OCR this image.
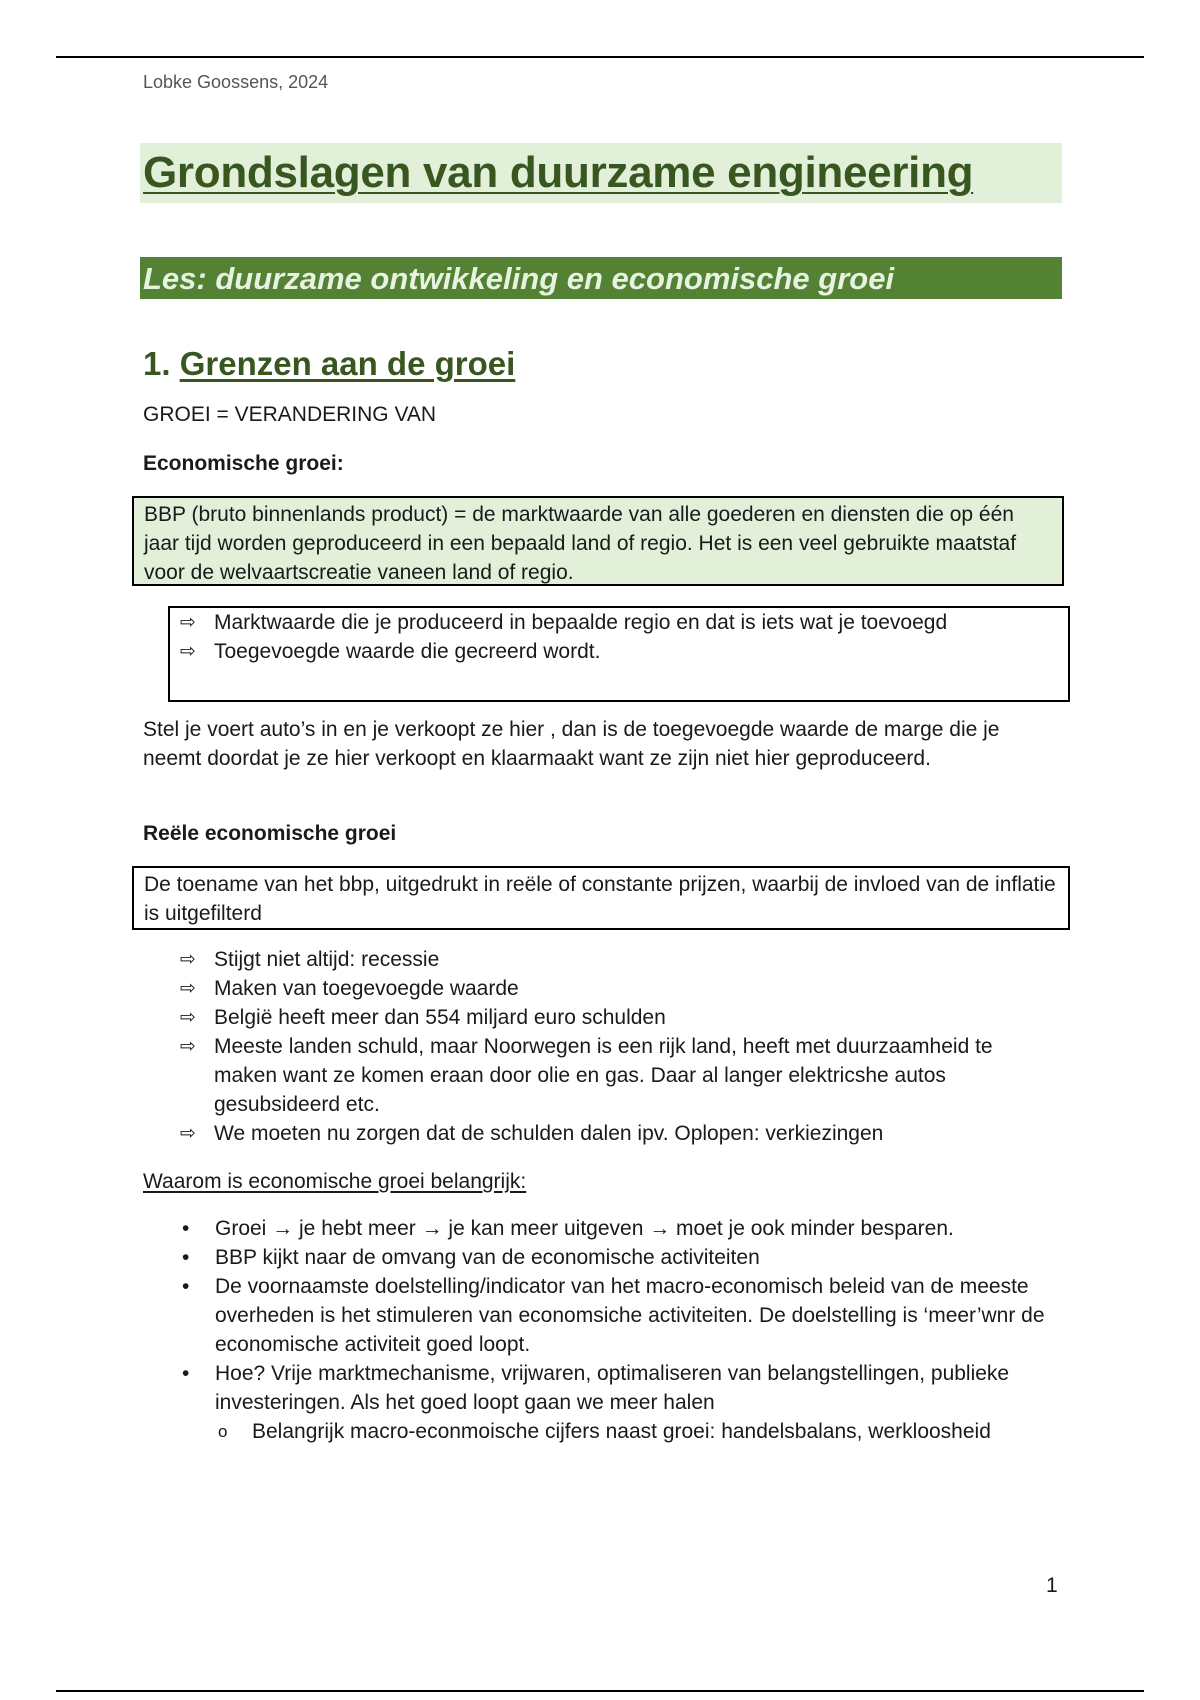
Lobke Goossens, 2024
Grondslagen van duurzame engineering
Les: duurzame ontwikkeling en economische groei
1. Grenzen aan de groei

GROEI = VERANDERING VAN

Economische groei:

BBP (bruto binnenlands product) = de marktwaarde van alle goederen en diensten die op één jaar tijd worden geproduceerd in een bepaald land of regio. Het is een veel gebruikte maatstaf voor de welvaartscreatie vaneen land of regio.
⇨ Marktwaarde die je produceerd in bepaalde regio en dat is iets wat je toevoegd
⇨ Toegevoegde waarde die gecreerd wordt.

Stel je voert auto’s in en je verkoopt ze hier , dan is de toegevoegde waarde de marge die je neemt doordat je ze hier verkoopt en klaarmaakt want ze zijn niet hier geproduceerd.

Reële economische groei

De toename van het bbp, uitgedrukt in reële of constante prijzen, waarbij de invloed van de inflatie is uitgefilterd
⇨ Stijgt niet altijd: recessie
⇨ Maken van toegevoegde waarde
⇨ België heeft meer dan 554 miljard euro schulden
⇨ Meeste landen schuld, maar Noorwegen is een rijk land, heeft met duurzaamheid te maken want ze komen eraan door olie en gas. Daar al langer elektricshe autos gesubsideerd etc.
⇨ We moeten nu zorgen dat de schulden dalen ipv. Oplopen: verkiezingen

Waarom is economische groei belangrijk:

• Groei → je hebt meer → je kan meer uitgeven → moet je ook minder besparen.
• BBP kijkt naar de omvang van de economische activiteiten
• De voornaamste doelstelling/indicator van het macro-economisch beleid van de meeste overheden is het stimuleren van economsiche activiteiten. De doelstelling is ‘meer’wnr de economische activiteit goed loopt.
• Hoe? Vrije marktmechanisme, vrijwaren, optimaliseren van belangstellingen, publieke investeringen. Als het goed loopt gaan we meer halen
o Belangrijk macro-econmoische cijfers naast groei: handelsbalans, werkloosheid
1
